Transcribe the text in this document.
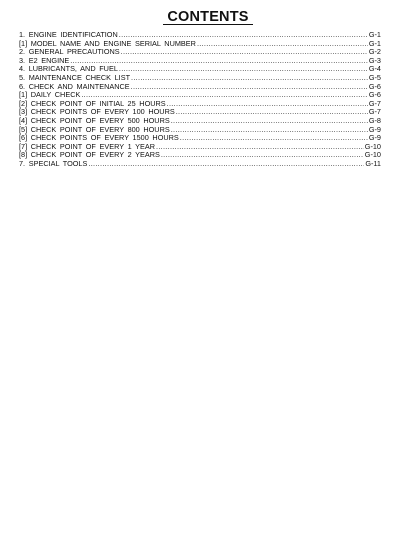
CONTENTS
1. ENGINE IDENTIFICATION .....	G-1
[1] MODEL NAME AND ENGINE SERIAL NUMBER .....	G-1
2. GENERAL PRECAUTIONS .....	G-2
3. E2 ENGINE .....	G-3
4. LUBRICANTS, AND FUEL .....	G-4
5. MAINTENANCE CHECK LIST .....	G-5
6. CHECK AND MAINTENANCE .....	G-6
[1] DAILY CHECK .....	G-6
[2] CHECK POINT OF INITIAL 25 HOURS .....	G-7
[3] CHECK POINTS OF EVERY 100 HOURS .....	G-7
[4] CHECK POINT OF EVERY 500 HOURS .....	G-8
[5] CHECK POINT OF EVERY 800 HOURS .....	G-9
[6] CHECK POINTS OF EVERY 1500 HOURS .....	G-9
[7] CHECK POINT OF EVERY 1 YEAR .....	G-10
[8] CHECK POINT OF EVERY 2 YEARS .....	G-10
7. SPECIAL TOOLS .....	G-11
